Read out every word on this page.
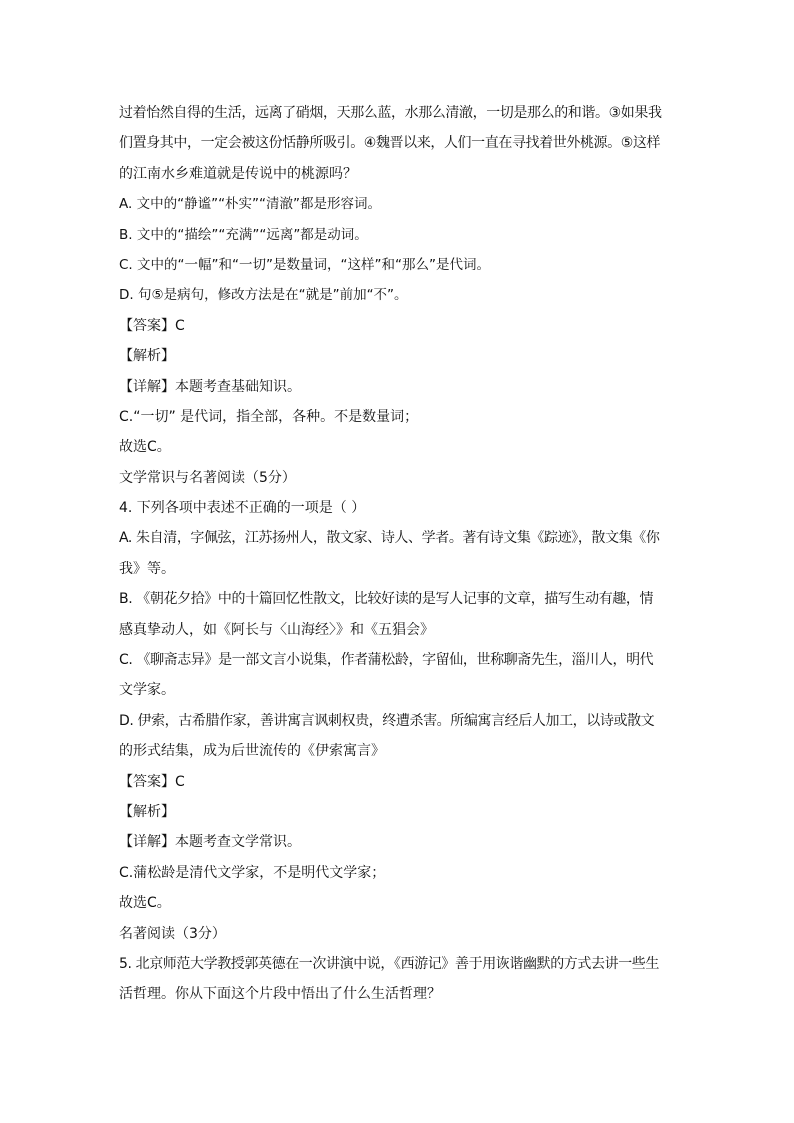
过着怡然自得的生活，远离了硝烟，天那么蓝，水那么清澈，一切是那么的和谐。③如果我
们置身其中，一定会被这份恬静所吸引。④魏晋以来，人们一直在寻找着世外桃源。⑤这样
的江南水乡难道就是传说中的桃源吗？
A. 文中的“静谧”“朴实”“清澈”都是形容词。
B. 文中的“描绘”“充满”“远离”都是动词。
C. 文中的“一幅”和“一切”是数量词，“这样”和“那么”是代词。
D. 句⑤是病句，修改方法是在“就是”前加“不”。
【答案】C
【解析】
【详解】本题考查基础知识。
C.“一切” 是代词，指全部，各种。不是数量词；
故选C。
文学常识与名著阅读（5分）
4. 下列各项中表述不正确的一项是（ ）
A. 朱自清，字佩弦，江苏扬州人，散文家、诗人、学者。著有诗文集《踪迹》，散文集《你
我》等。
B. 《朝花夕拾》中的十篇回忆性散文，比较好读的是写人记事的文章，描写生动有趣，情
感真挚动人，如《阿长与〈山海经〉》和《五猖会》
C. 《聊斋志异》是一部文言小说集，作者蒲松龄，字留仙，世称聊斋先生，淄川人，明代
文学家。
D. 伊索，古希腊作家，善讲寓言讽刺权贵，终遭杀害。所编寓言经后人加工，以诗或散文
的形式结集，成为后世流传的《伊索寓言》
【答案】C
【解析】
【详解】本题考查文学常识。
C.蒲松龄是清代文学家，不是明代文学家；
故选C。
名著阅读（3分）
5. 北京师范大学教授郭英德在一次讲演中说，《西游记》善于用诙谐幽默的方式去讲一些生
活哲理。你从下面这个片段中悟出了什么生活哲理？
